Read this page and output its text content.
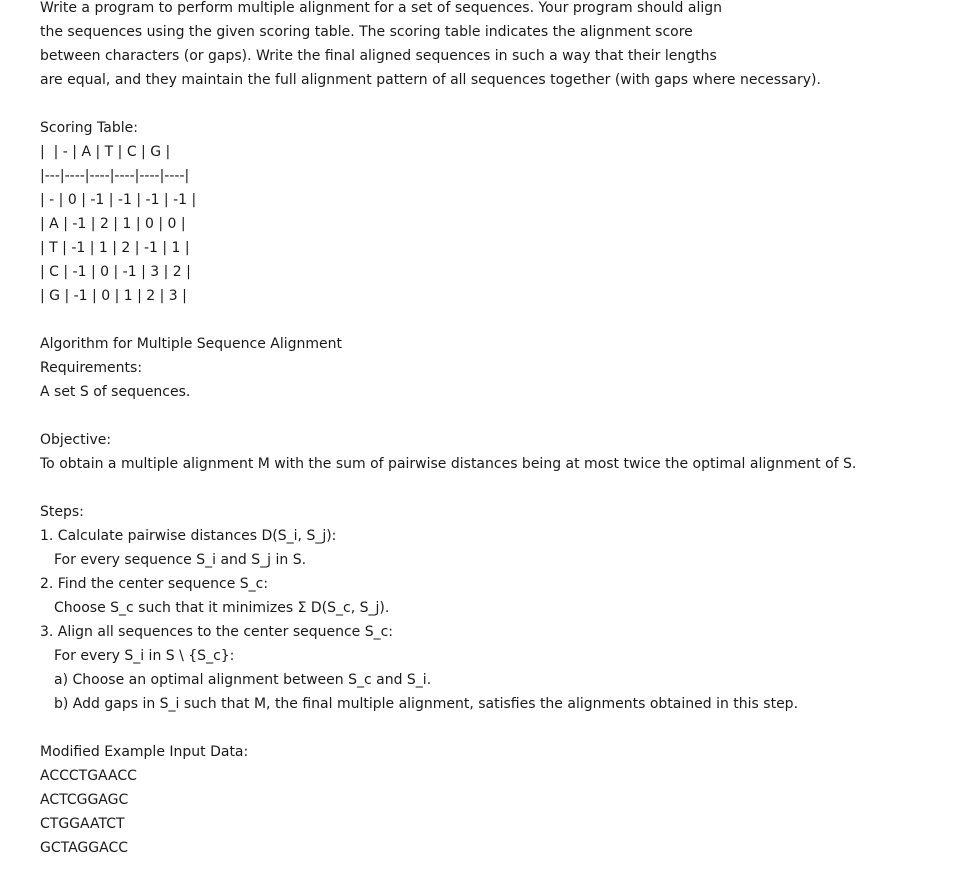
Write a program to perform multiple alignment for a set of sequences. Your program should align

the sequences using the given scoring table. The scoring table indicates the alignment score

between characters (or gaps). Write the final aligned sequences in such a way that their lengths

are equal, and they maintain the full alignment pattern of all sequences together (with gaps where necessary).

Scoring Table:

|  | - | A | T | C | G |

|---|----|----|----|----|----|

| - | 0 | -1 | -1 | -1 | -1 |

| A | -1 | 2 | 1 | 0 | 0 |

| T | -1 | 1 | 2 | -1 | 1 |

| C | -1 | 0 | -1 | 3 | 2 |

| G | -1 | 0 | 1 | 2 | 3 |

Algorithm for Multiple Sequence Alignment

Requirements:

A set S of sequences.

Objective:

To obtain a multiple alignment M with the sum of pairwise distances being at most twice the optimal alignment of S.

Steps:

1. Calculate pairwise distances D(S_i, S_j):

For every sequence S_i and S_j in S.

2. Find the center sequence S_c:

Choose S_c such that it minimizes Σ D(S_c, S_j).

3. Align all sequences to the center sequence S_c:

For every S_i in S \ {S_c}:

a) Choose an optimal alignment between S_c and S_i.

b) Add gaps in S_i such that M, the final multiple alignment, satisfies the alignments obtained in this step.

Modified Example Input Data:

ACCCTGAACC

ACTCGGAGC

CTGGAATCT

GCTAGGACC
